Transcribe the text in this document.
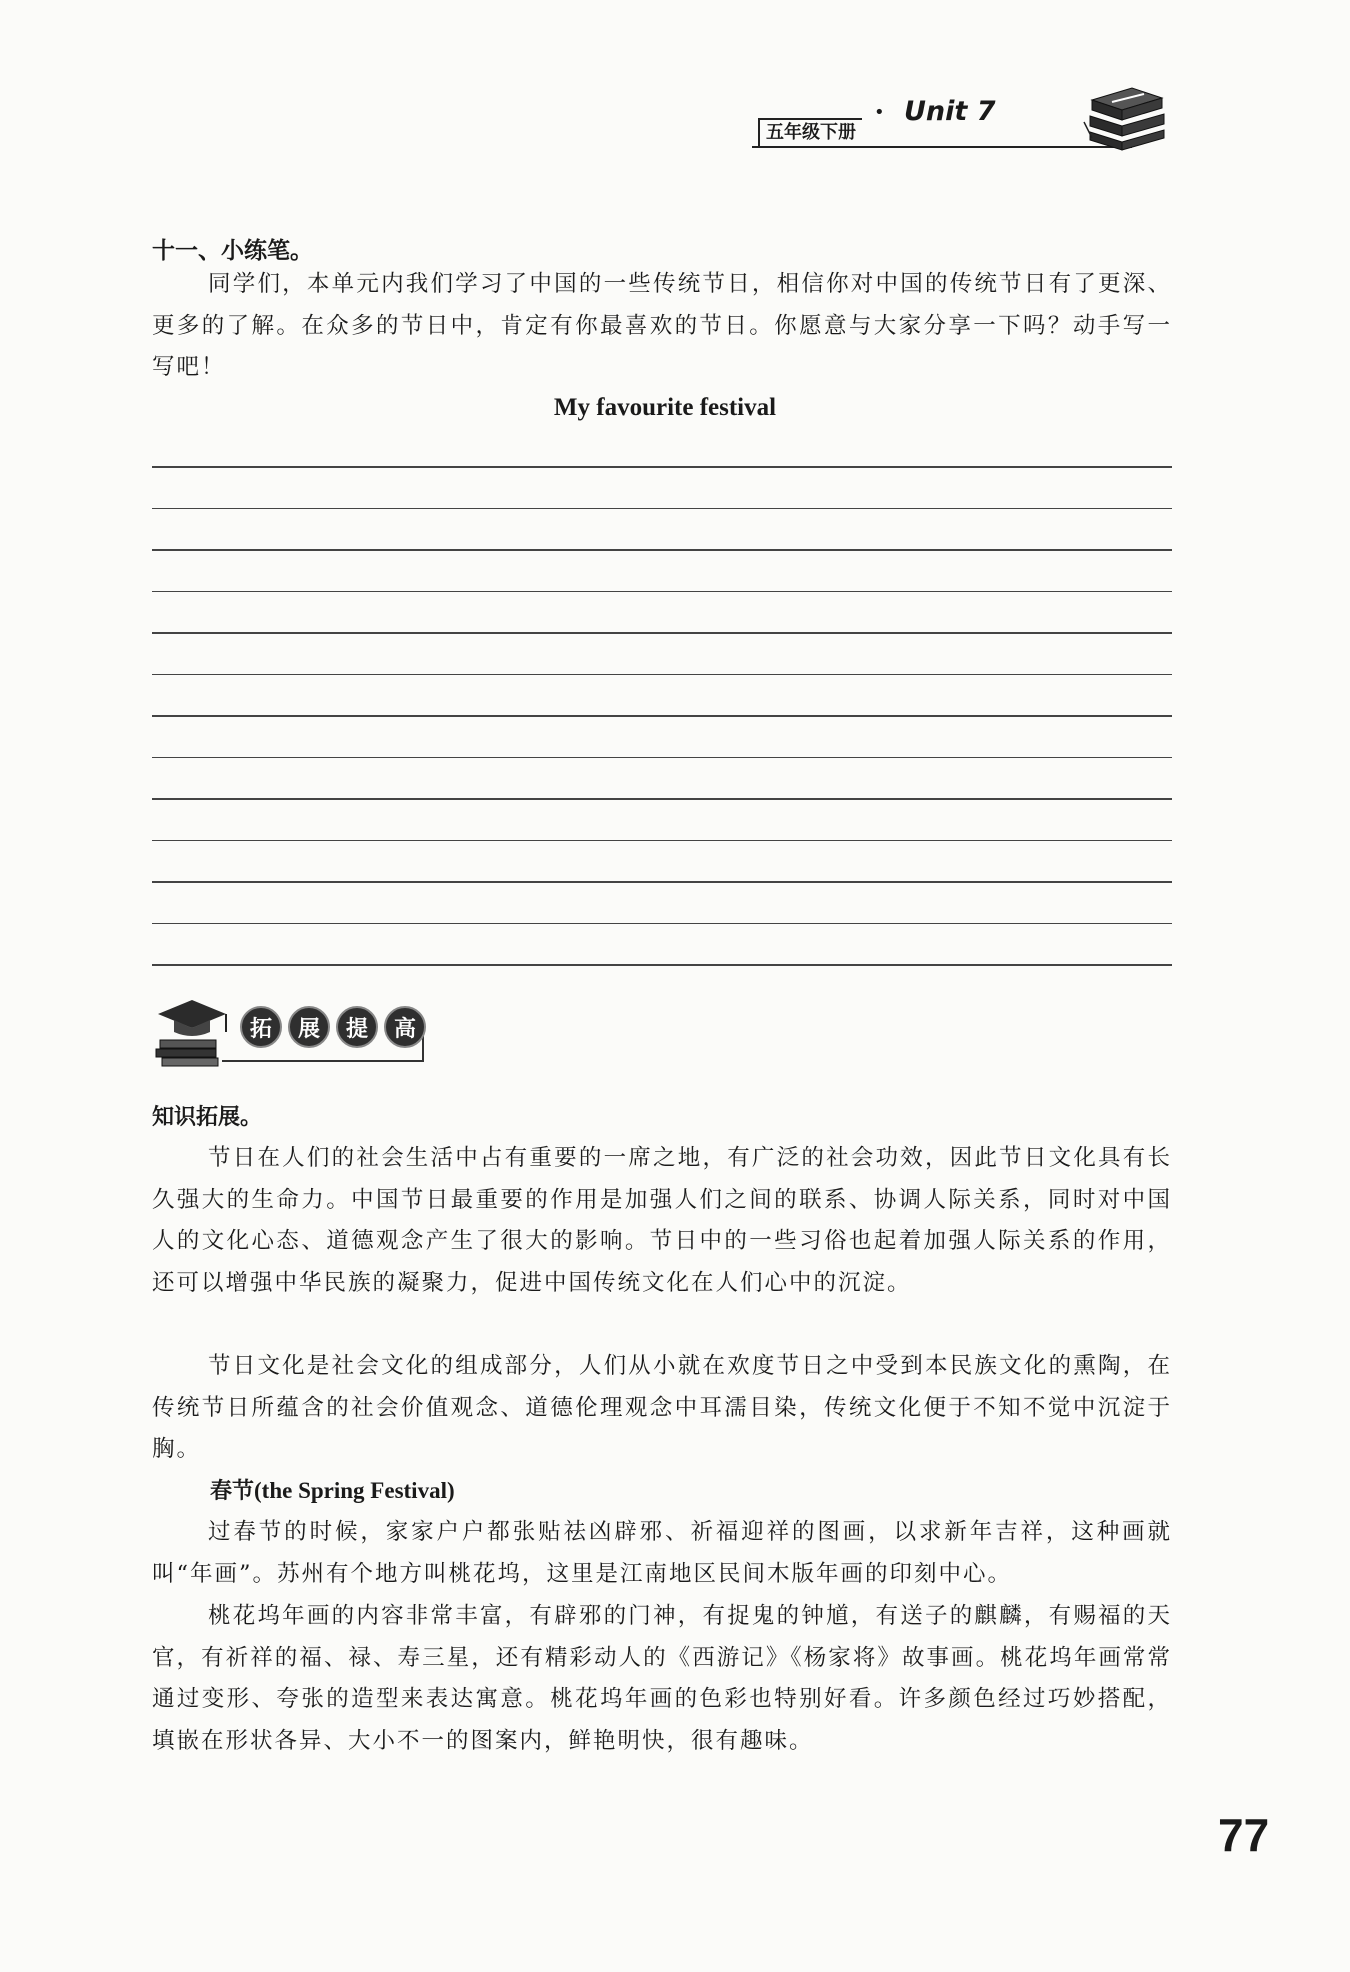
五年级下册
• Unit 7
十一、小练笔。

同学们，本单元内我们学习了中国的一些传统节日，相信你对中国的传统节日有了更深、更多的了解。在众多的节日中，肯定有你最喜欢的节日。你愿意与大家分享一下吗？动手写一写吧！

My favourite festival
拓	展	提	高
知识拓展。

节日在人们的社会生活中占有重要的一席之地，有广泛的社会功效，因此节日文化具有长久强大的生命力。中国节日最重要的作用是加强人们之间的联系、协调人际关系，同时对中国人的文化心态、道德观念产生了很大的影响。节日中的一些习俗也起着加强人际关系的作用，还可以增强中华民族的凝聚力，促进中国传统文化在人们心中的沉淀。

节日文化是社会文化的组成部分，人们从小就在欢度节日之中受到本民族文化的熏陶，在传统节日所蕴含的社会价值观念、道德伦理观念中耳濡目染，传统文化便于不知不觉中沉淀于胸。

春节(the Spring Festival)

过春节的时候，家家户户都张贴祛凶辟邪、祈福迎祥的图画，以求新年吉祥，这种画就叫“年画”。苏州有个地方叫桃花坞，这里是江南地区民间木版年画的印刻中心。

桃花坞年画的内容非常丰富，有辟邪的门神，有捉鬼的钟馗，有送子的麒麟，有赐福的天官，有祈祥的福、禄、寿三星，还有精彩动人的《西游记》《杨家将》故事画。桃花坞年画常常通过变形、夸张的造型来表达寓意。桃花坞年画的色彩也特别好看。许多颜色经过巧妙搭配，填嵌在形状各异、大小不一的图案内，鲜艳明快，很有趣味。

77
